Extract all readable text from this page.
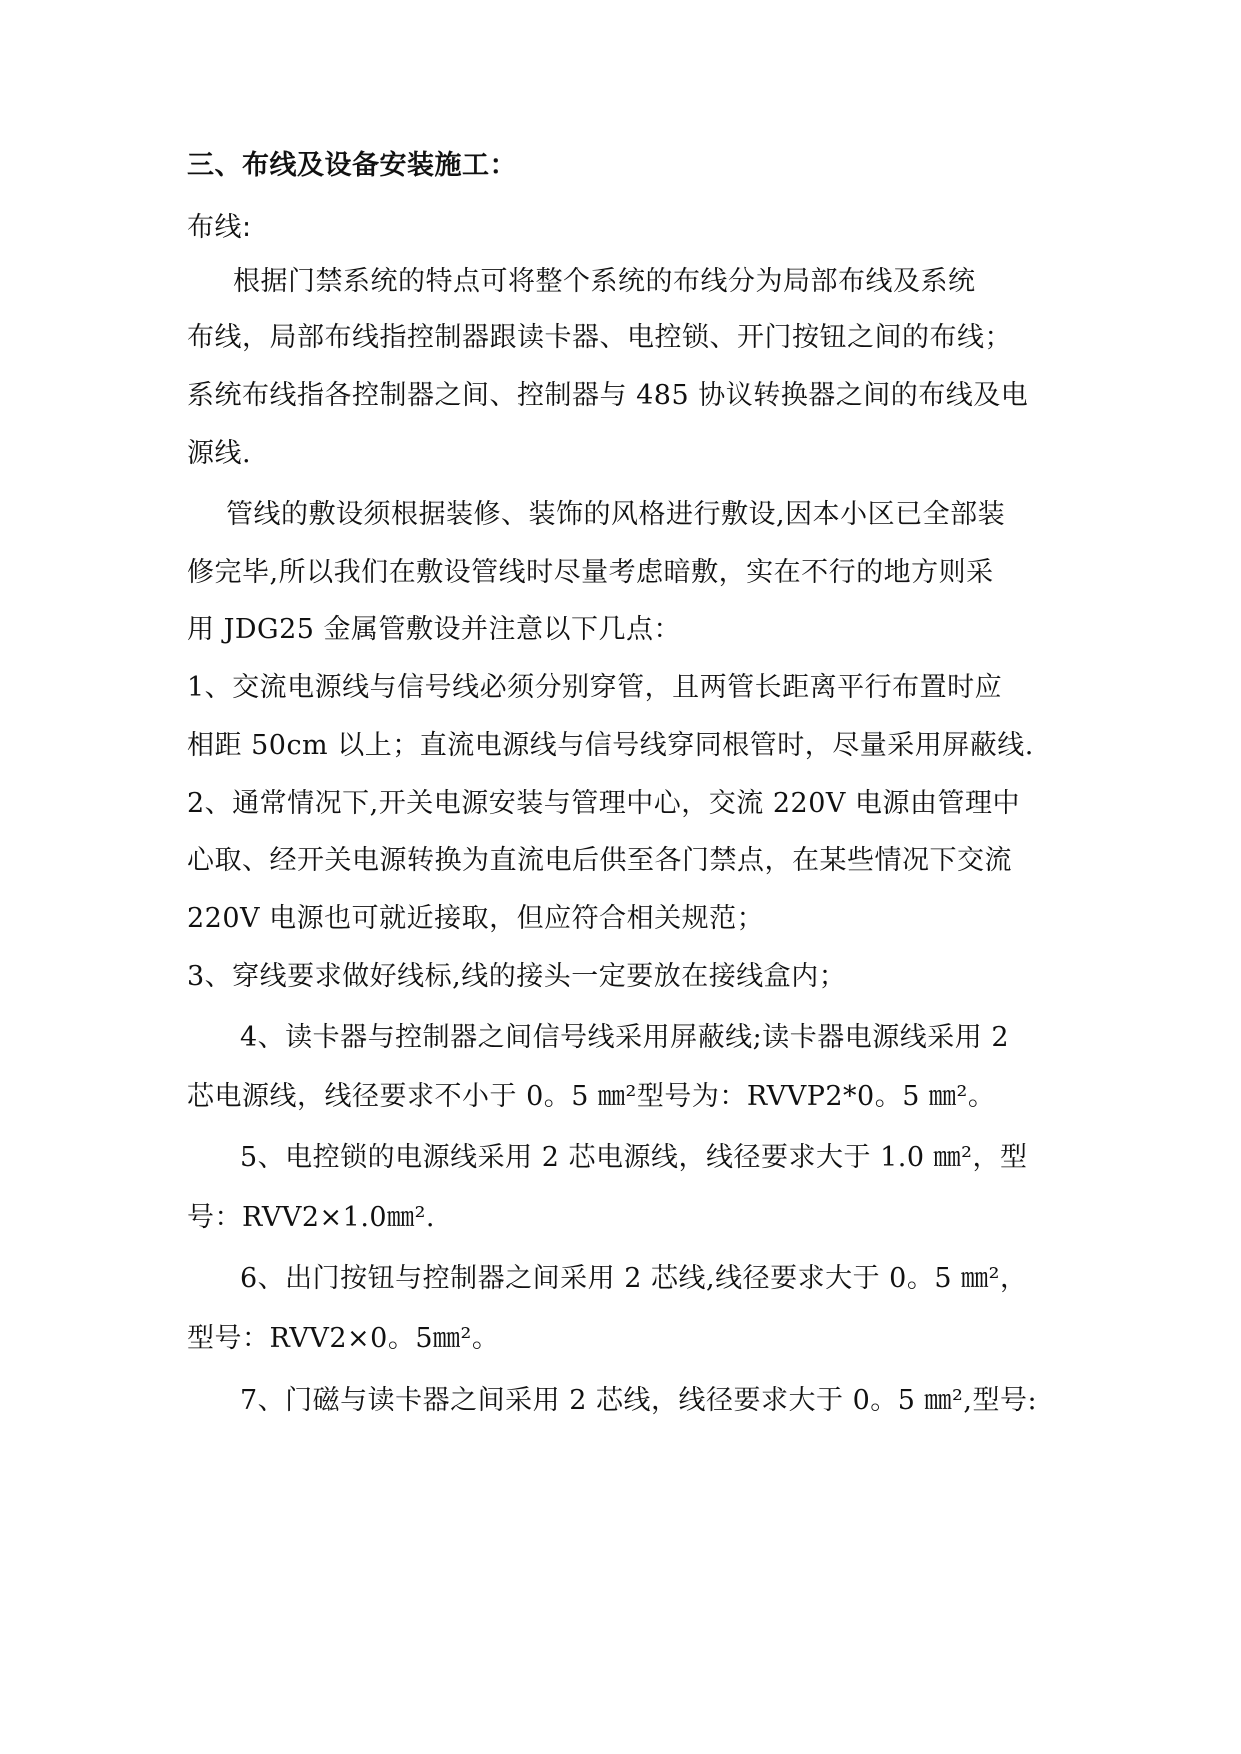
三、布线及设备安装施工：
布线:
根据门禁系统的特点可将整个系统的布线分为局部布线及系统
布线，局部布线指控制器跟读卡器、电控锁、开门按钮之间的布线；
系统布线指各控制器之间、控制器与 485 协议转换器之间的布线及电
源线.
管线的敷设须根据装修、装饰的风格进行敷设,因本小区已全部装
修完毕,所以我们在敷设管线时尽量考虑暗敷，实在不行的地方则采
用 JDG25 金属管敷设并注意以下几点：
1、交流电源线与信号线必须分别穿管，且两管长距离平行布置时应
相距 50cm 以上；直流电源线与信号线穿同根管时，尽量采用屏蔽线.
2、通常情况下,开关电源安装与管理中心，交流 220V 电源由管理中
心取、经开关电源转换为直流电后供至各门禁点，在某些情况下交流
220V 电源也可就近接取，但应符合相关规范；
3、穿线要求做好线标,线的接头一定要放在接线盒内；
4、读卡器与控制器之间信号线采用屏蔽线;读卡器电源线采用 2
芯电源线，线径要求不小于 0。5 ㎜²型号为：RVVP2*0。5 ㎜²。
5、电控锁的电源线采用 2 芯电源线，线径要求大于 1.0 ㎜²，型
号：RVV2×1.0㎜².
6、出门按钮与控制器之间采用 2 芯线,线径要求大于 0。5 ㎜²，
型号：RVV2×0。5㎜²。
7、门磁与读卡器之间采用 2 芯线，线径要求大于 0。5 ㎜²,型号:
